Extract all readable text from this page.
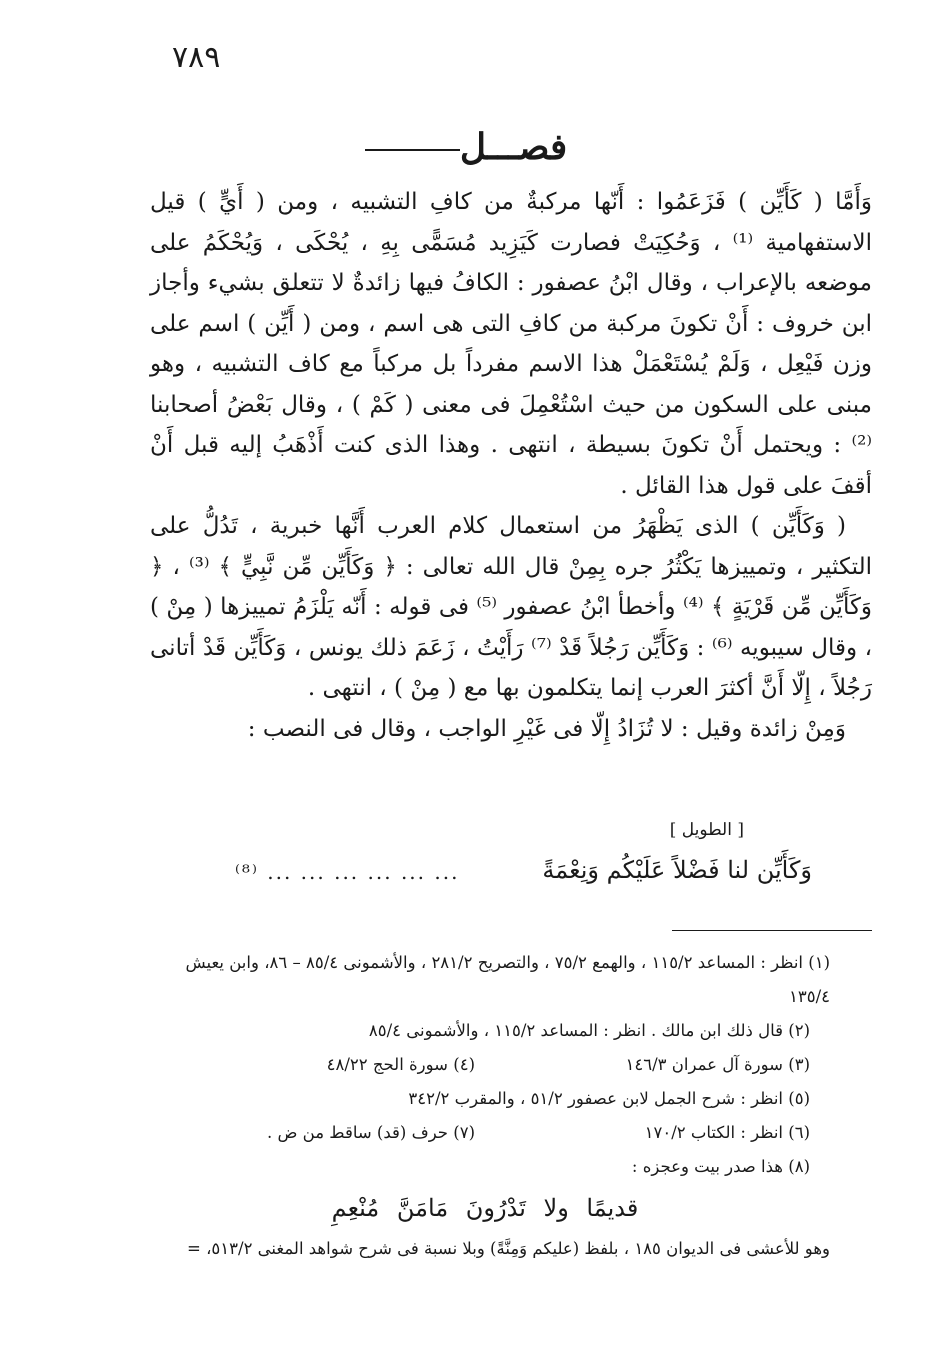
٧٨٩
فصـــل

وَأَمَّا ( كَأَيِّن ) فَزَعَمُوا : أَنّها مركبةٌ من كافِ التشبيه ، ومن ( أَيٍّ ) قيل الاستفهامية ⁽¹⁾ ، وَحُكِيَتْ فصارت كَيَزِيد مُسَمًّى بِهِ ، يُحْكَى ، وَيُحْكَمُ على موضعه بالإعراب ، وقال ابْنُ عصفور : الكافُ فيها زائدةٌ لا تتعلق بشيء وأجاز ابن خروف : أَنْ تكونَ مركبة من كافِ التى هى اسم ، ومن ( أَيِّن ) اسم على وزن فَيْعِل ، وَلَمْ يُسْتَعْمَلْ هذا الاسم مفرداً بل مركباً مع كاف التشبيه ، وهو مبنى على السكون من حيث اسْتُعْمِلَ فى معنى ( كَمْ ) ، وقال بَعْضُ أصحابنا ⁽²⁾ : ويحتمل أَنْ تكونَ بسيطة ، انتهى . وهذا الذى كنت أَذْهَبُ إليه قبل أَنْ أقفَ على قول هذا القائل .

( وَكَأَيِّن ) الذى يَظْهَرُ من استعمال كلام العرب أَنَّها خبرية ، تَدُلُّ على التكثير ، وتمييزها يَكْثُرُ جره بِمِنْ قال الله تعالى : ﴿ وَكَأَيِّن مِّن نَّبِيٍّ ﴾ ⁽³⁾ ، ﴿ وَكَأَيِّن مِّن قَرْيَةٍ ﴾ ⁽⁴⁾ وأخطأ ابْنُ عصفور ⁽⁵⁾ فى قوله : أَنّه يَلْزَمُ تمييزها ( مِنْ ) ، وقال سيبويه ⁽⁶⁾ : وَكَأَيِّن رَجُلاً قَدْ ⁽⁷⁾ رَأَيْتُ ، زَعَمَ ذلك يونس ، وَكَأَيِّن قَدْ أتانى رَجُلاً ، إِلّا أَنَّ أكثرَ العرب إنما يتكلمون بها مع ( مِنْ ) ، انتهى .

وَمِنْ زائدة وقيل : لا تُزَادُ إِلّا فى غَيْرِ الواجب ، وقال فى النصب :

[ الطويل ]
وَكَأَيِّن لنا فَضْلاً عَلَيْكُم وَنِعْمَةً
... ... ... ... ... ... ⁽⁸⁾

(١) انظر : المساعد ١١٥/٢ ، والهمع ٧٥/٢ ، والتصريح ٢٨١/٢ ، والأشمونى ٨٥/٤ – ٨٦، وابن يعيش ١٣٥/٤

(٢) قال ذلك ابن مالك . انظر : المساعد ١١٥/٢ ، والأشمونى ٨٥/٤

(٣) سورة آل عمران ١٤٦/٣
(٤) سورة الحج ٤٨/٢٢

(٥) انظر : شرح الجمل لابن عصفور ٥١/٢ ، والمقرب ٣٤٢/٢

(٦) انظر : الكتاب ١٧٠/٢
(٧) حرف (قد) ساقط من ض .

(٨) هذا صدر بيت وعجزه :

قديمًا ولا تَدْرُونَ مَامَنَّ مُنْعِمِ

وهو للأعشى فى الديوان ١٨٥ ، بلفظ (عليكم وَمِنَّةً) وبلا نسبة فى شرح شواهد المغنى ٥١٣/٢، =
